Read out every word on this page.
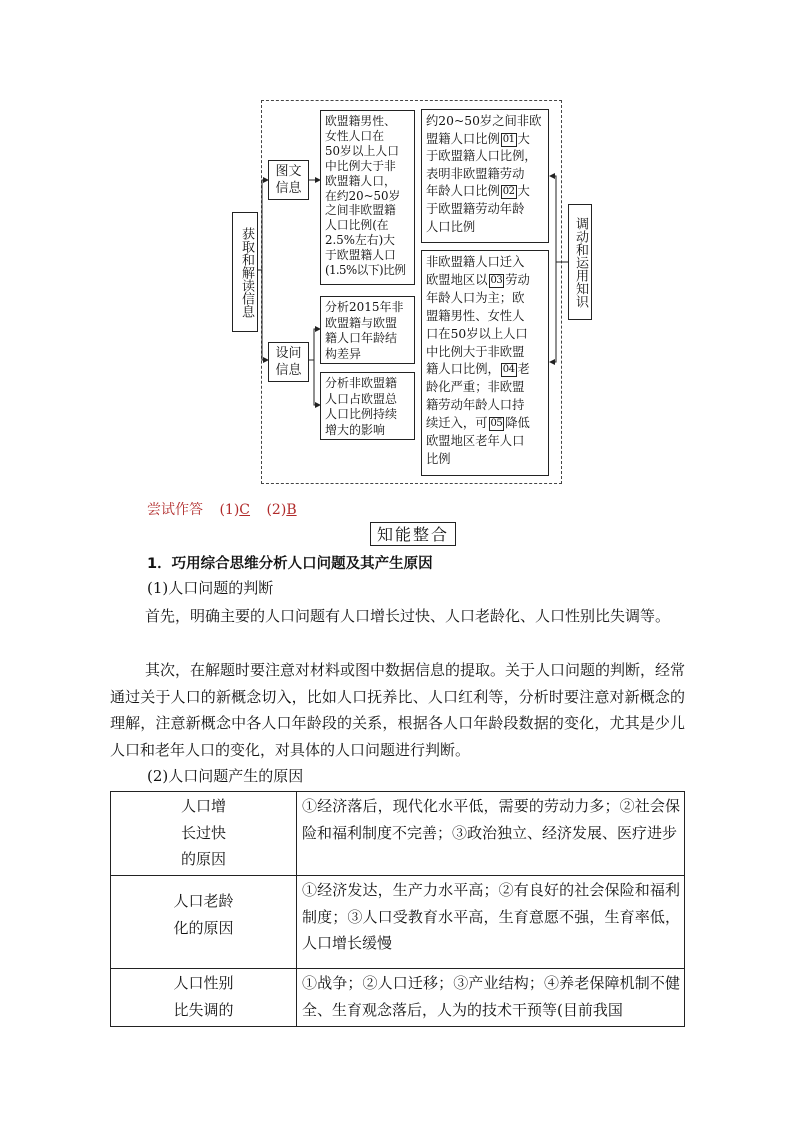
获取和解读信息
图文
信息
设问
信息
欧盟籍男性、
女性人口在
50岁以上人口
中比例大于非
欧盟籍人口，
在约20~50岁
之间非欧盟籍
人口比例(在
2.5%左右)大
于欧盟籍人口
(1.5%以下)比例
分析2015年非
欧盟籍与欧盟
籍人口年龄结
构差异
分析非欧盟籍
人口占欧盟总
人口比例持续
增大的影响
约20~50岁之间非欧
盟籍人口比例 01 大
于欧盟籍人口比例，
表明非欧盟籍劳动
年龄人口比例 02 大
于欧盟籍劳动年龄
人口比例
非欧盟籍人口迁入
欧盟地区以 03 劳动
年龄人口为主；欧
盟籍男性、女性人
口在50岁以上人口
中比例大于非欧盟
籍人口比例， 04 老
龄化严重；非欧盟
籍劳动年龄人口持
续迁入，可 05 降低
欧盟地区老年人口
比例
调动和运用知识
尝试作答 (1)C (2)B
知能整合
1．巧用综合思维分析人口问题及其产生原因
(1)人口问题的判断
首先，明确主要的人口问题有人口增长过快、人口老龄化、人口性别比失调等。
其次，在解题时要注意对材料或图中数据信息的提取。关于人口问题的判断，经常通过关于人口的新概念切入，比如人口抚养比、人口红利等，分析时要注意对新概念的理解，注意新概念中各人口年龄段的关系，根据各人口年龄段数据的变化，尤其是少儿人口和老年人口的变化，对具体的人口问题进行判断。
(2)人口问题产生的原因
人口增
长过快
的原因	①经济落后，现代化水平低，需要的劳动力多；②社会保险和福利制度不完善；③政治独立、经济发展、医疗进步

人口老龄
化的原因	①经济发达，生产力水平高；②有良好的社会保险和福利制度；③人口受教育水平高，生育意愿不强，生育率低，人口增长缓慢

人口性别
比失调的	①战争；②人口迁移；③产业结构；④养老保障机制不健全、生育观念落后，人为的技术干预等(目前我国
